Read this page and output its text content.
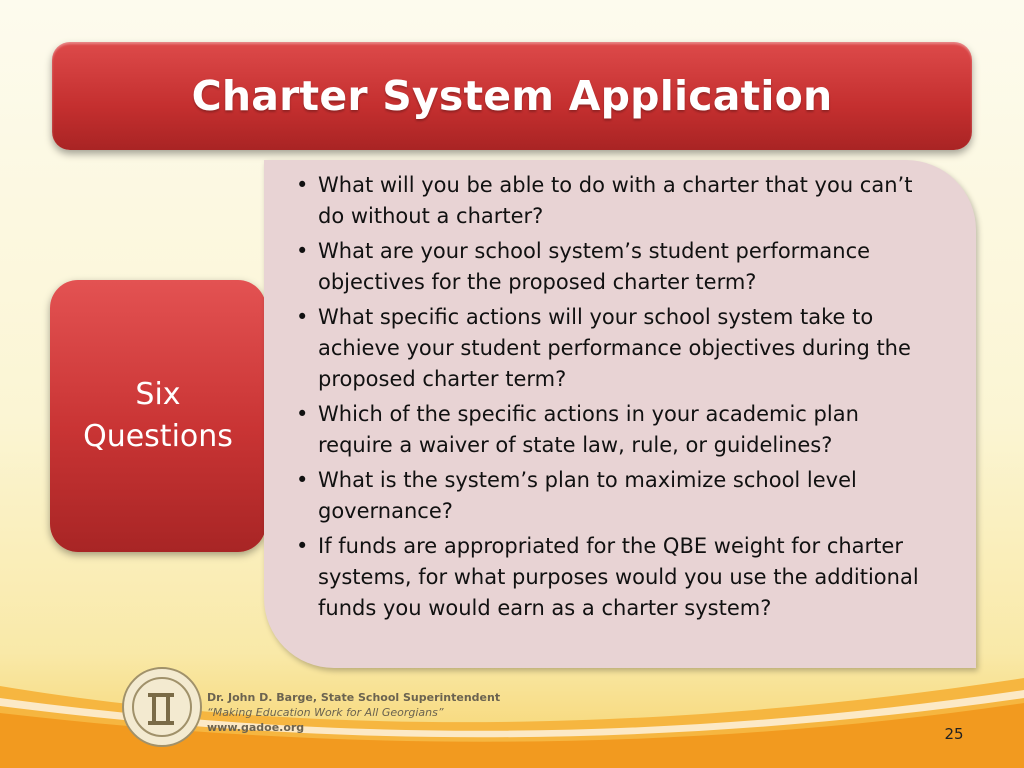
Charter System Application
Six Questions
• What will you be able to do with a charter that you can’t do without a charter?
• What are your school system’s student performance objectives for the proposed charter term?
• What specific actions will your school system take to achieve your student performance objectives during the proposed charter term?
• Which of the specific actions in your academic plan require a waiver of state law, rule, or guidelines?
• What is the system’s plan to maximize school level governance?
• If funds are appropriated for the QBE weight for charter systems, for what purposes would you use the additional funds you would earn as a charter system?
Dr. John D. Barge, State School Superintendent
“Making Education Work for All Georgians”
www.gadoe.org	25
